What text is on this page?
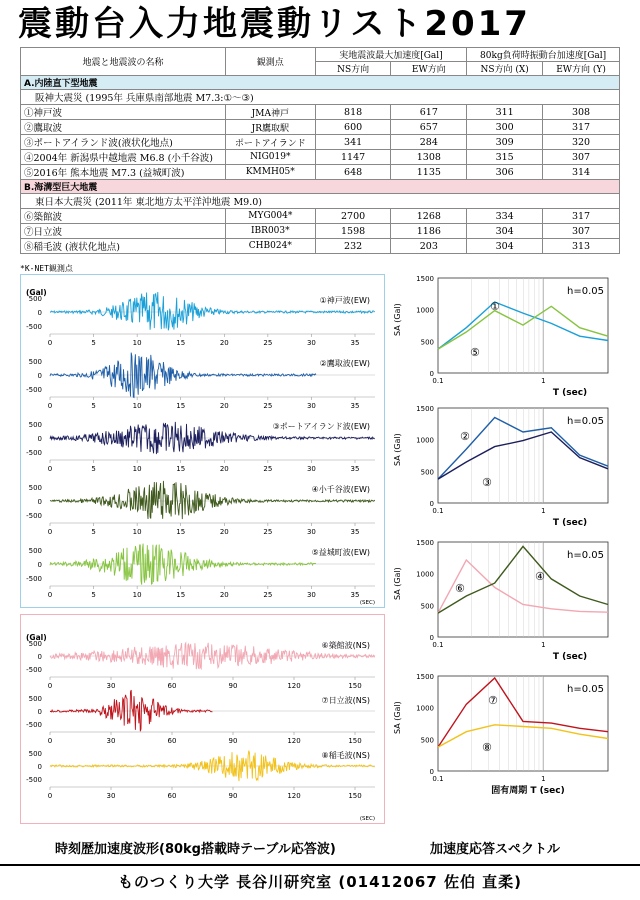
震動台入力地震動リスト2017
地震と地震波の名称	観測点	実地震波最大加速度[Gal]		80kg負荷時振動台加速度[Gal]	
		NS方向	EW方向	NS方向 (X)	EW方向 (Y)
A.内陸直下型地震					
阪神大震災 (1995年 兵庫県南部地震 M7.3:①～③)					
①神戸波	JMA神戸	818	617	311	308
②鷹取波	JR鷹取駅	600	657	300	317
③ポートアイランド波(液状化地点)	ポートアイランド	341	284	309	320
④2004年 新潟県中越地震 M6.8 (小千谷波)	NIG019*	1147	1308	315	307
⑤2016年 熊本地震 M7.3 (益城町波)	KMMH05*	648	1135	306	314
B.海溝型巨大地震					
東日本大震災 (2011年 東北地方太平洋沖地震 M9.0)					
⑥築館波	MYG004*	2700	1268	334	317
⑦日立波	IBR003*	1598	1186	304	307
⑧稲毛波 (液状化地点)	CHB024*	232	203	304	313
*K-NET観測点
500
0
-500
0	5	10	15	20	25	30	35
①神戸波(EW)
500
0
-500
0	5	10	15	20	25	30	35
②鷹取波(EW)
500
0
-500
0	5	10	15	20	25	30	35
③ポートアイランド波(EW)
500
0
-500
0	5	10	15	20	25	30	35
④小千谷波(EW)
500
0
-500
0	5	10	15	20	25	30	35
⑤益城町波(EW)
(Gal)
(SEC)
500
0
-500
0	30	60	90	120	150
⑥築館波(NS)
500
0
-500
0	30	60	90	120	150
⑦日立波(NS)
500
0
-500
0	30	60	90	120	150
⑧稲毛波(NS)
(Gal)
(SEC)
1500
1000
500
0
0.1	1
SA (Gal)
h=0.05
T (sec)
①
⑤
1500
1000
500
0
0.1	1
SA (Gal)
h=0.05
T (sec)
②
③
1500
1000
500
0
0.1	1
SA (Gal)
h=0.05
T (sec)
⑥
④
1500
1000
500
0
0.1	1
SA (Gal)
h=0.05
固有周期 T (sec)
⑦
⑧
時刻歴加速度波形(80kg搭載時テーブル応答波)	加速度応答スペクトル
ものつくり大学 長谷川研究室 (01412067 佐伯 直柔)
